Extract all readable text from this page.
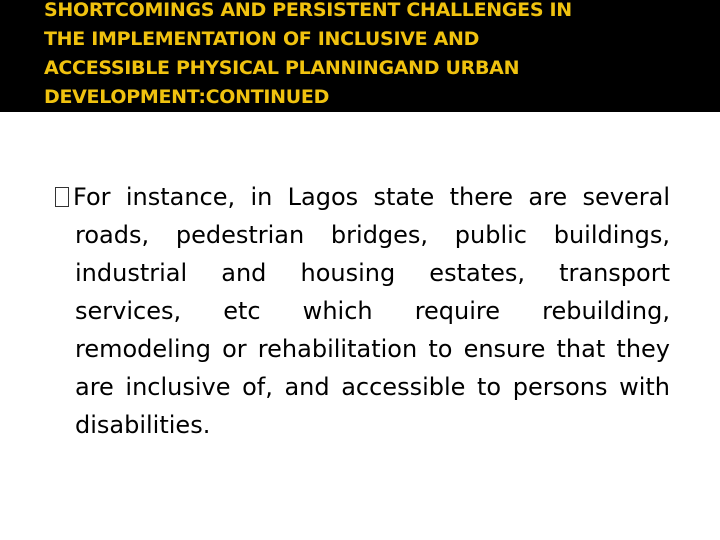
SHORTCOMINGS AND PERSISTENT CHALLENGES IN
THE IMPLEMENTATION OF INCLUSIVE AND
ACCESSIBLE PHYSICAL PLANNINGAND URBAN
DEVELOPMENT:CONTINUED

For instance, in Lagos state there are several roads, pedestrian bridges, public buildings, industrial and housing estates, transport services, etc which require rebuilding, remodeling or rehabilitation to ensure that they are inclusive of, and accessible to persons with disabilities.
